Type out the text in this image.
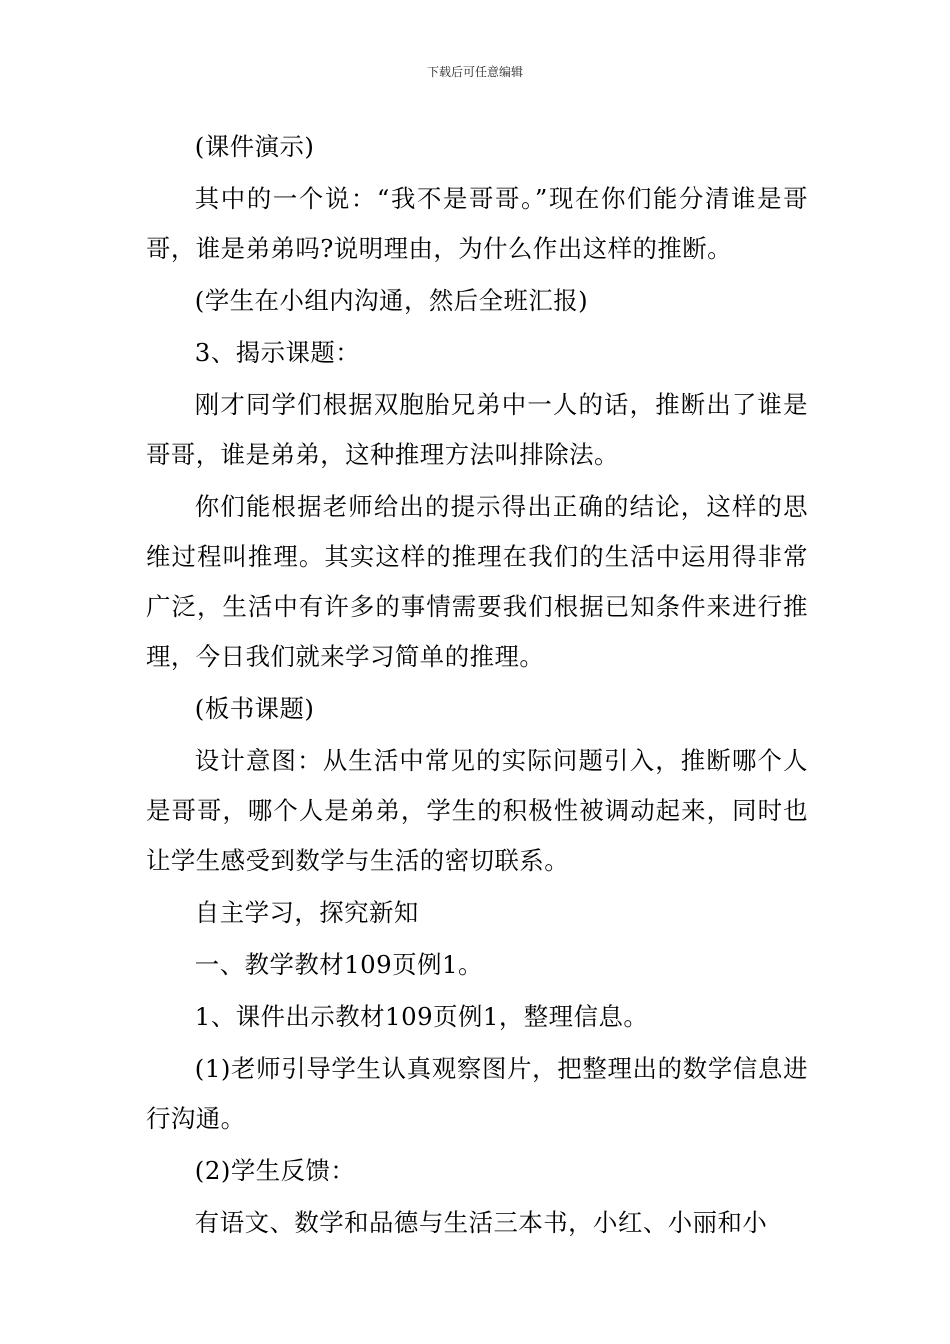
下载后可任意编辑

(课件演示)

其中的一个说：“我不是哥哥。”现在你们能分清谁是哥哥，谁是弟弟吗?说明理由，为什么作出这样的推断。

(学生在小组内沟通，然后全班汇报)

3、揭示课题：

刚才同学们根据双胞胎兄弟中一人的话，推断出了谁是哥哥，谁是弟弟，这种推理方法叫排除法。

你们能根据老师给出的提示得出正确的结论，这样的思维过程叫推理。其实这样的推理在我们的生活中运用得非常广泛，生活中有许多的事情需要我们根据已知条件来进行推理，今日我们就来学习简单的推理。

(板书课题)

设计意图：从生活中常见的实际问题引入，推断哪个人是哥哥，哪个人是弟弟，学生的积极性被调动起来，同时也让学生感受到数学与生活的密切联系。

自主学习，探究新知

一、教学教材109页例1。

1、课件出示教材109页例1，整理信息。

(1)老师引导学生认真观察图片，把整理出的数学信息进行沟通。

(2)学生反馈：

有语文、数学和品德与生活三本书，小红、小丽和小
